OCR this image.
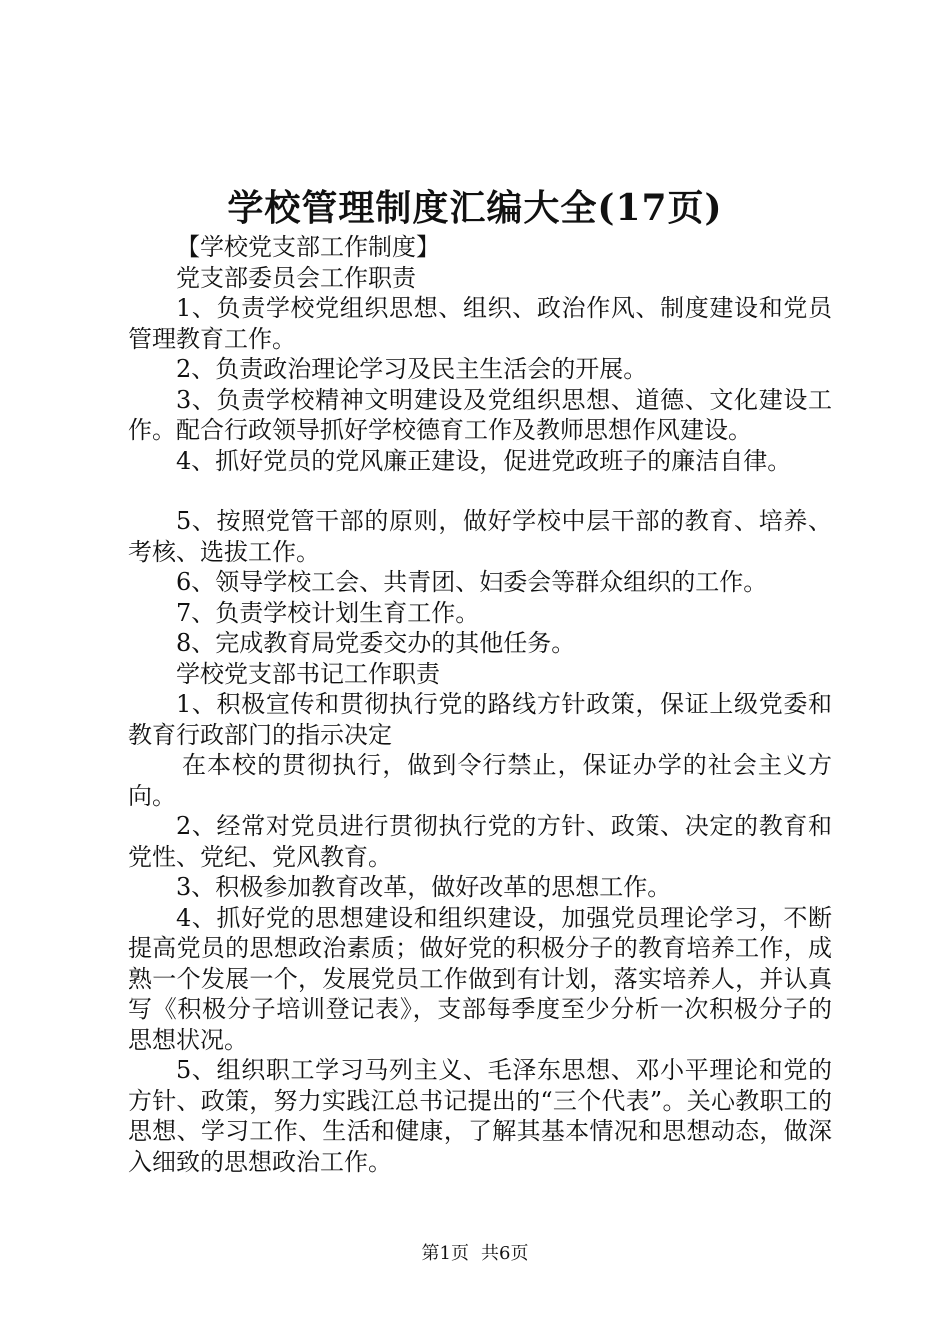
学校管理制度汇编大全(17页)

【学校党支部工作制度】

党支部委员会工作职责

1、负责学校党组织思想、组织、政治作风、制度建设和党员管理教育工作。

2、负责政治理论学习及民主生活会的开展。

3、负责学校精神文明建设及党组织思想、道德、文化建设工作。配合行政领导抓好学校德育工作及教师思想作风建设。

4、抓好党员的党风廉正建设，促进党政班子的廉洁自律。

5、按照党管干部的原则，做好学校中层干部的教育、培养、考核、选拔工作。

6、领导学校工会、共青团、妇委会等群众组织的工作。

7、负责学校计划生育工作。

8、完成教育局党委交办的其他任务。

学校党支部书记工作职责

1、积极宣传和贯彻执行党的路线方针政策，保证上级党委和教育行政部门的指示决定

在本校的贯彻执行，做到令行禁止，保证办学的社会主义方向。

2、经常对党员进行贯彻执行党的方针、政策、决定的教育和党性、党纪、党风教育。

3、积极参加教育改革，做好改革的思想工作。

4、抓好党的思想建设和组织建设，加强党员理论学习，不断提高党员的思想政治素质；做好党的积极分子的教育培养工作，成熟一个发展一个，发展党员工作做到有计划，落实培养人，并认真写《积极分子培训登记表》，支部每季度至少分析一次积极分子的思想状况。

5、组织职工学习马列主义、毛泽东思想、邓小平理论和党的方针、政策，努力实践江总书记提出的“三个代表”。关心教职工的思想、学习工作、生活和健康，了解其基本情况和思想动态，做深入细致的思想政治工作。

第1页 共6页
